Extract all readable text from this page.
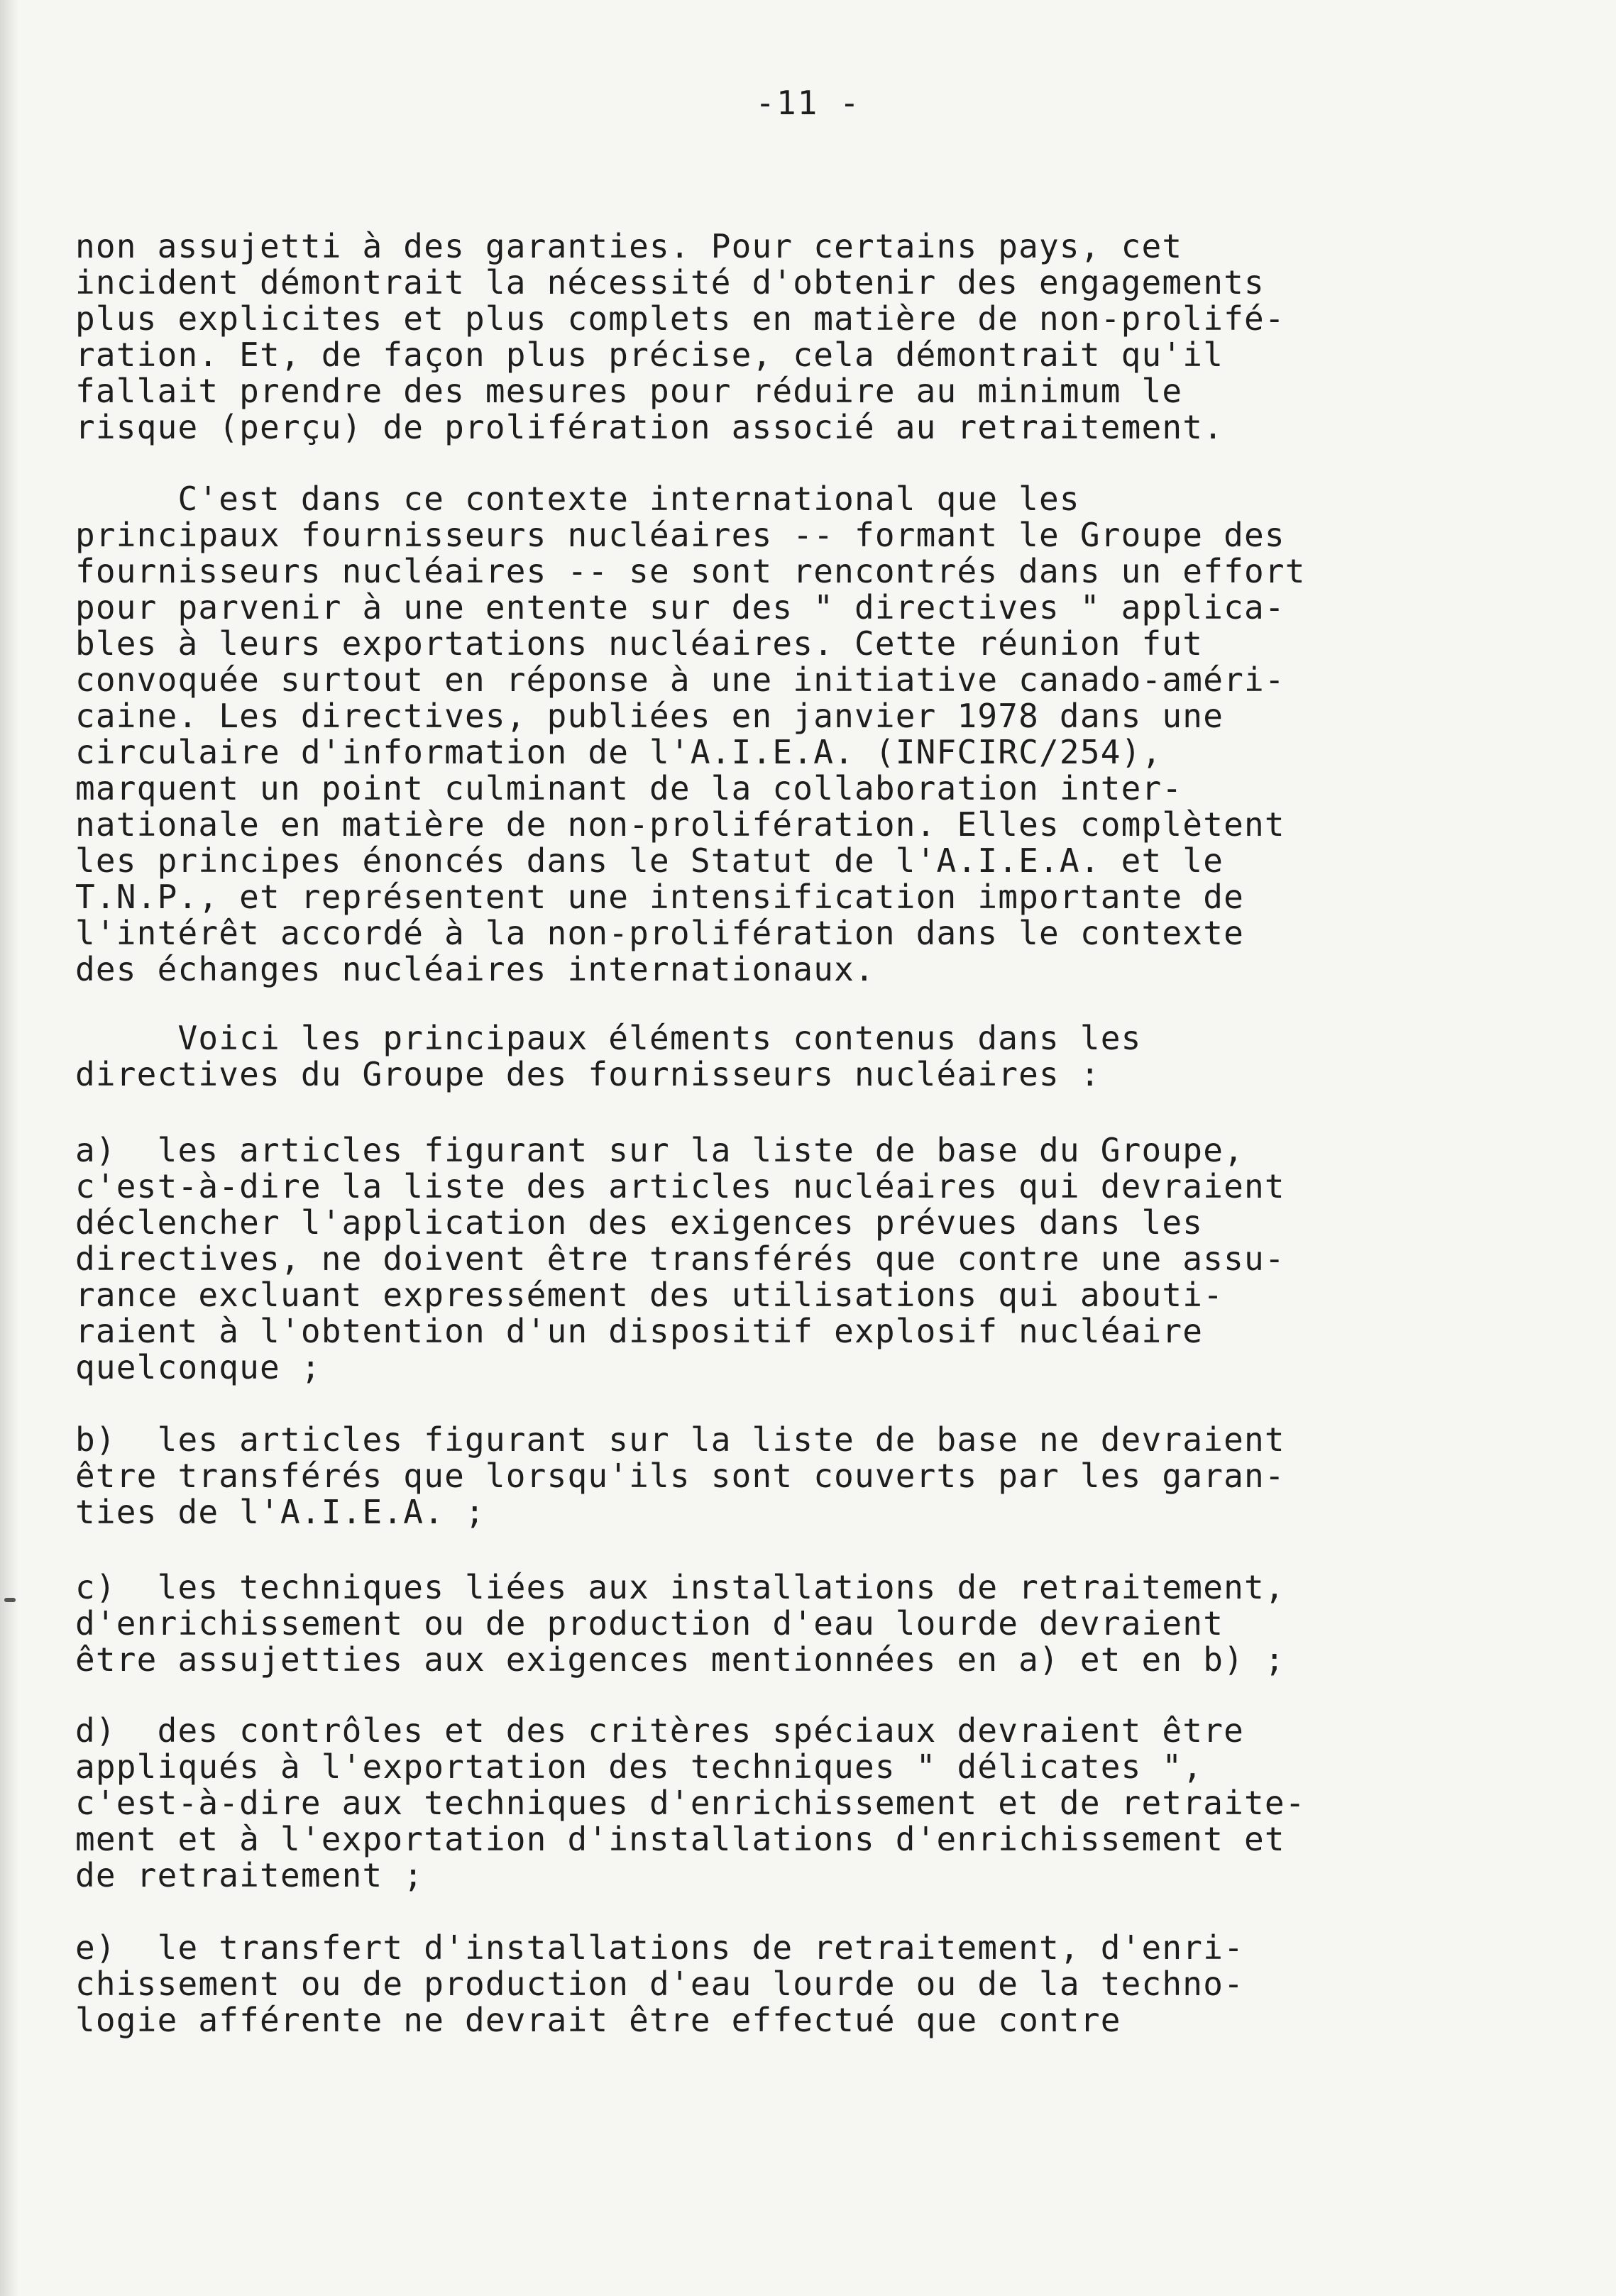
-11 -
non assujetti à des garanties. Pour certains pays, cet
incident démontrait la nécessité d'obtenir des engagements
plus explicites et plus complets en matière de non-prolifé-
ration. Et, de façon plus précise, cela démontrait qu'il
fallait prendre des mesures pour réduire au minimum le
risque (perçu) de prolifération associé au retraitement.
C'est dans ce contexte international que les
principaux fournisseurs nucléaires -- formant le Groupe des
fournisseurs nucléaires -- se sont rencontrés dans un effort
pour parvenir à une entente sur des " directives " applica-
bles à leurs exportations nucléaires. Cette réunion fut
convoquée surtout en réponse à une initiative canado-améri-
caine. Les directives, publiées en janvier 1978 dans une
circulaire d'information de l'A.I.E.A. (INFCIRC/254),
marquent un point culminant de la collaboration inter-
nationale en matière de non-prolifération. Elles complètent
les principes énoncés dans le Statut de l'A.I.E.A. et le
T.N.P., et représentent une intensification importante de
l'intérêt accordé à la non-prolifération dans le contexte
des échanges nucléaires internationaux.
Voici les principaux éléments contenus dans les
directives du Groupe des fournisseurs nucléaires :
a)  les articles figurant sur la liste de base du Groupe,
c'est-à-dire la liste des articles nucléaires qui devraient
déclencher l'application des exigences prévues dans les
directives, ne doivent être transférés que contre une assu-
rance excluant expressément des utilisations qui abouti-
raient à l'obtention d'un dispositif explosif nucléaire
quelconque ;
b)  les articles figurant sur la liste de base ne devraient
être transférés que lorsqu'ils sont couverts par les garan-
ties de l'A.I.E.A. ;
c)  les techniques liées aux installations de retraitement,
d'enrichissement ou de production d'eau lourde devraient
être assujetties aux exigences mentionnées en a) et en b) ;
d)  des contrôles et des critères spéciaux devraient être
appliqués à l'exportation des techniques " délicates ",
c'est-à-dire aux techniques d'enrichissement et de retraite-
ment et à l'exportation d'installations d'enrichissement et
de retraitement ;
e)  le transfert d'installations de retraitement, d'enri-
chissement ou de production d'eau lourde ou de la techno-
logie afférente ne devrait être effectué que contre
